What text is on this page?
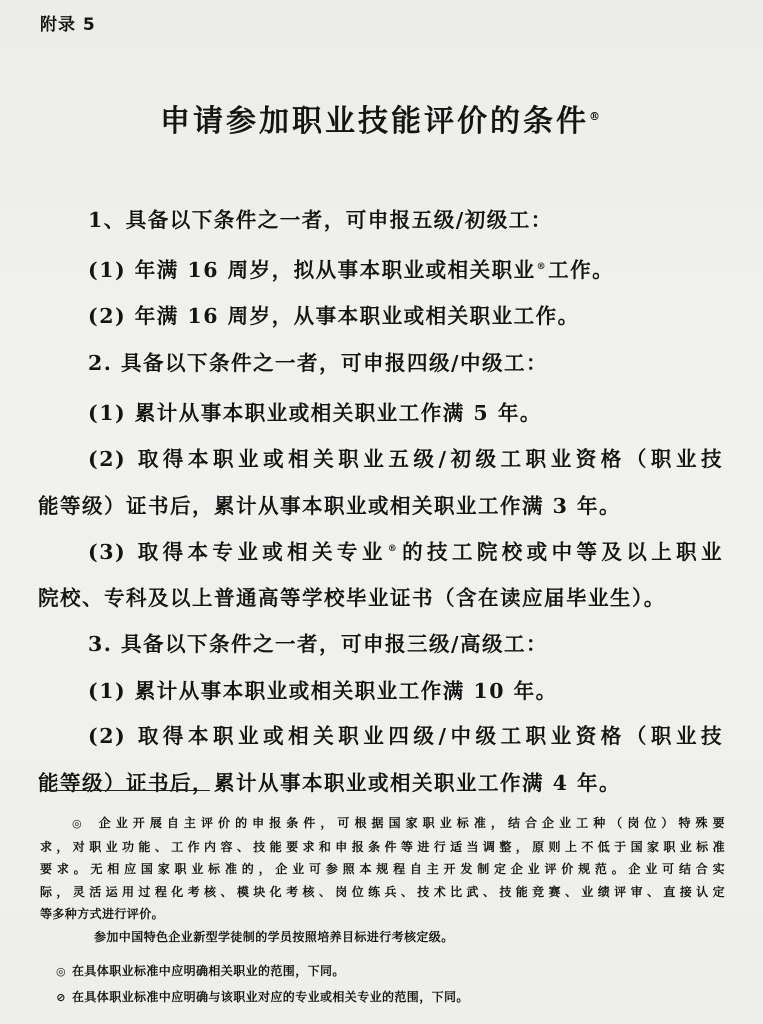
附录 5
申请参加职业技能评价的条件®
1、具备以下条件之一者，可申报五级/初级工：
(1) 年满 16 周岁，拟从事本职业或相关职业®工作。
(2) 年满 16 周岁，从事本职业或相关职业工作。
2. 具备以下条件之一者，可申报四级/中级工：
(1) 累计从事本职业或相关职业工作满 5 年。
(2) 取得本职业或相关职业五级/初级工职业资格（职业技
能等级）证书后，累计从事本职业或相关职业工作满 3 年。
(3) 取得本专业或相关专业®的技工院校或中等及以上职业
院校、专科及以上普通高等学校毕业证书（含在读应届毕业生）。
3. 具备以下条件之一者，可申报三级/高级工：
(1) 累计从事本职业或相关职业工作满 10 年。
(2) 取得本职业或相关职业四级/中级工职业资格（职业技
能等级）证书后，累计从事本职业或相关职业工作满 4 年。
◎ 企业开展自主评价的申报条件，可根据国家职业标准，结合企业工种（岗位）特殊要
求，对职业功能、工作内容、技能要求和申报条件等进行适当调整，原则上不低于国家职业标准
要求。无相应国家职业标准的，企业可参照本规程自主开发制定企业评价规范。企业可结合实
际，灵活运用过程化考核、模块化考核、岗位练兵、技术比武、技能竞赛、业绩评审、直接认定
等多种方式进行评价。
参加中国特色企业新型学徒制的学员按照培养目标进行考核定级。
◎ 在具体职业标准中应明确相关职业的范围，下同。
⊘ 在具体职业标准中应明确与该职业对应的专业或相关专业的范围，下同。
